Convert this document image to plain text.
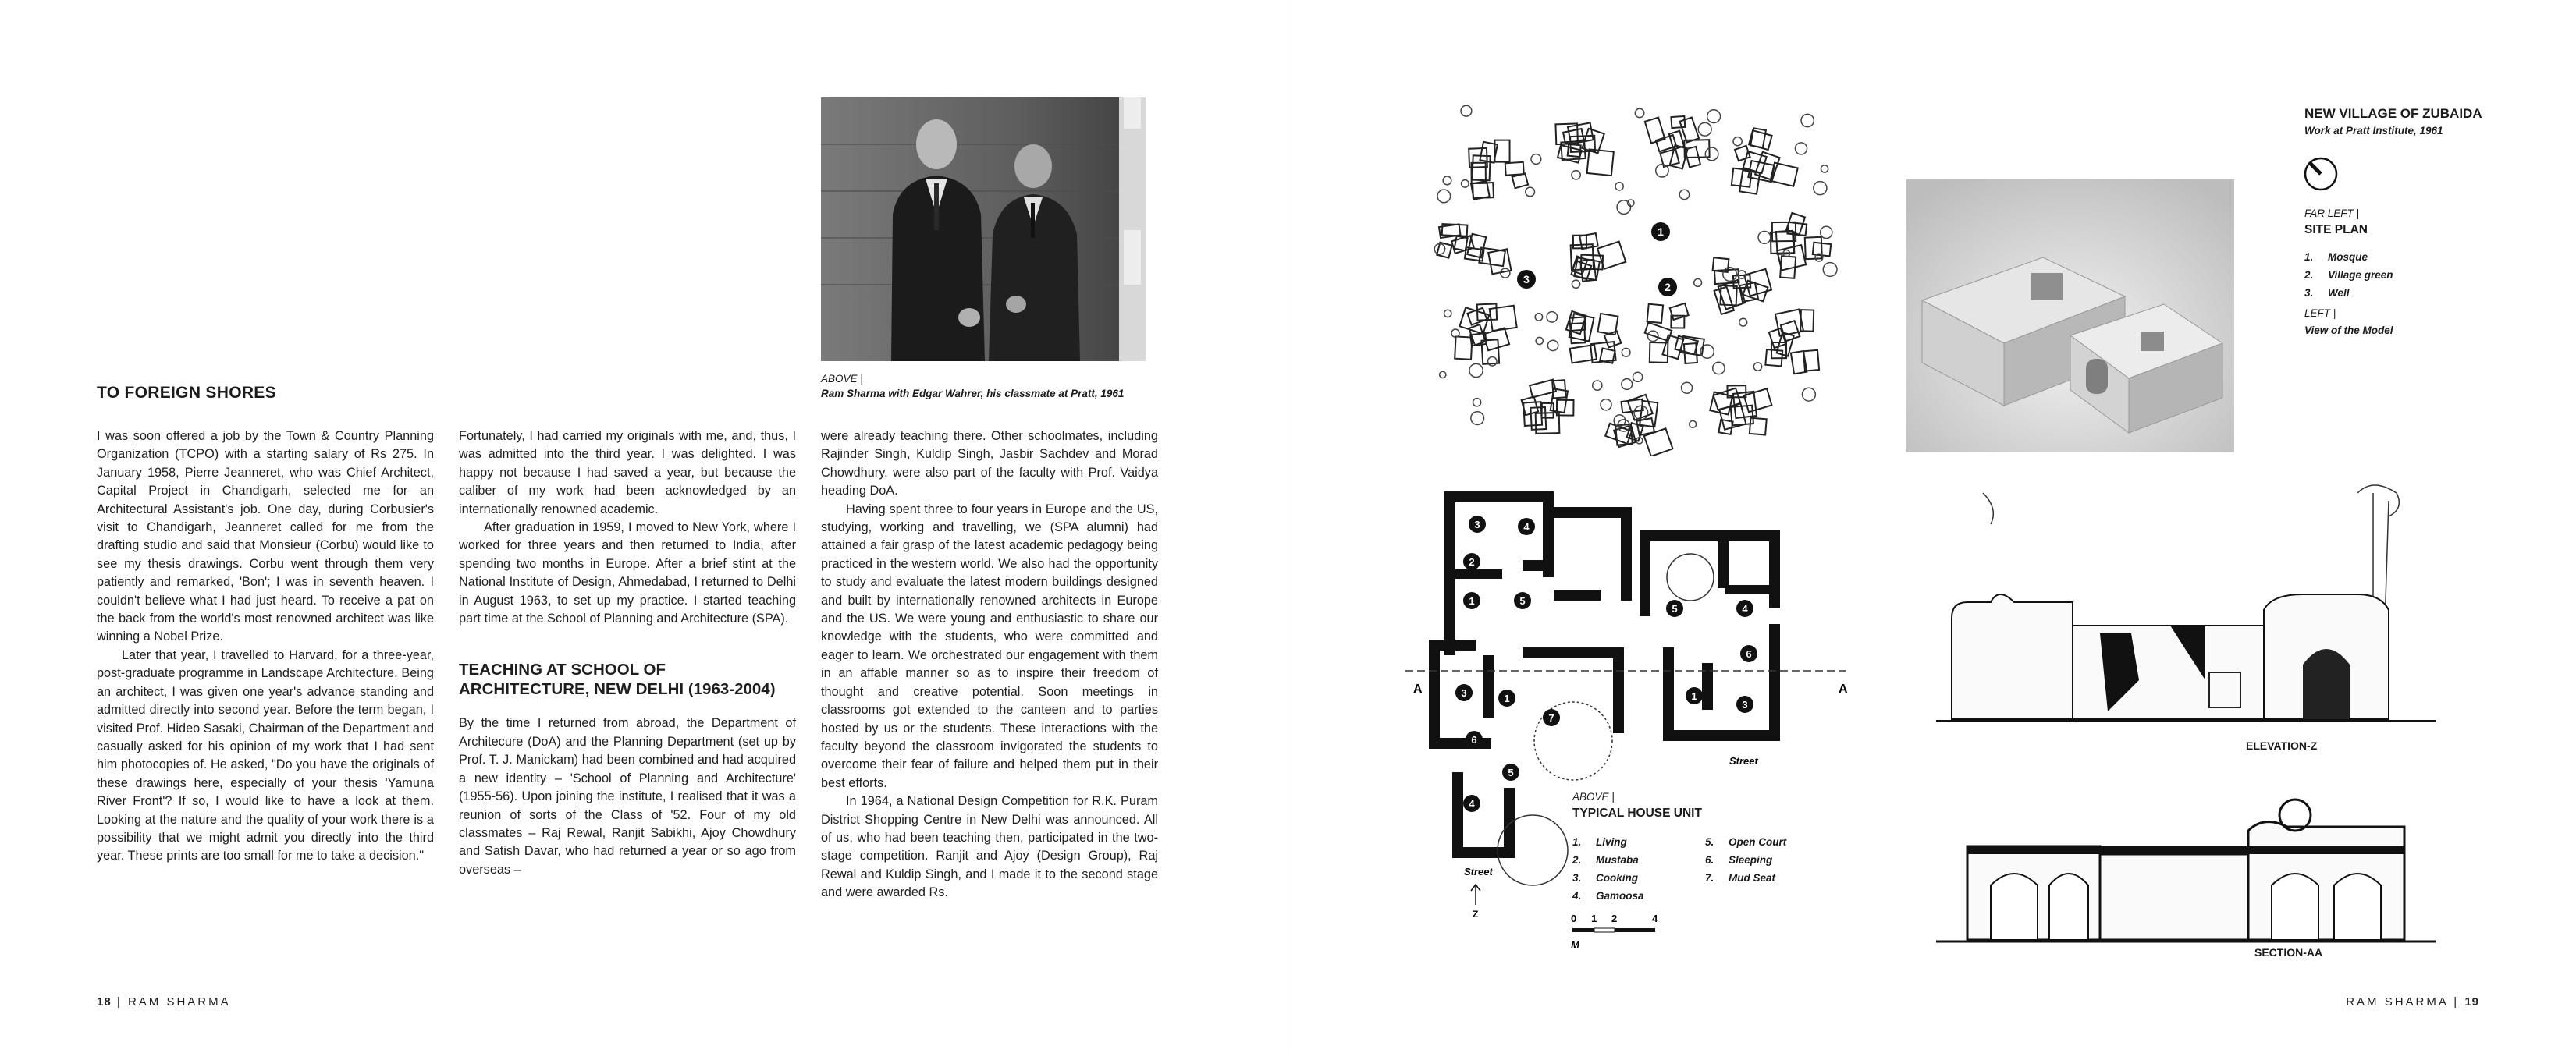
ABOVE |
Ram Sharma with Edgar Wahrer, his classmate at Pratt, 1961
TO FOREIGN SHORES

I was soon offered a job by the Town & Country Planning Organization (TCPO) with a starting salary of Rs 275. In January 1958, Pierre Jeanneret, who was Chief Architect, Capital Project in Chandigarh, selected me for an Architectural Assistant's job. One day, during Corbusier's visit to Chandigarh, Jeanneret called for me from the drafting studio and said that Monsieur (Corbu) would like to see my thesis drawings. Corbu went through them very patiently and remarked, 'Bon'; I was in seventh heaven. I couldn't believe what I had just heard. To receive a pat on the back from the world's most renowned architect was like winning a Nobel Prize.

Later that year, I travelled to Harvard, for a three-year, post-graduate programme in Landscape Architecture. Being an architect, I was given one year's advance standing and admitted directly into second year. Before the term began, I visited Prof. Hideo Sasaki, Chairman of the Department and casually asked for his opinion of my work that I had sent him photocopies of. He asked, "Do you have the originals of these drawings here, especially of your thesis 'Yamuna River Front'? If so, I would like to have a look at them. Looking at the nature and the quality of your work there is a possibility that we might admit you directly into the third year. These prints are too small for me to take a decision."

Fortunately, I had carried my originals with me, and, thus, I was admitted into the third year. I was delighted. I was happy not because I had saved a year, but because the caliber of my work had been acknowledged by an internationally renowned academic.

After graduation in 1959, I moved to New York, where I worked for three years and then returned to India, after spending two months in Europe. After a brief stint at the National Institute of Design, Ahmedabad, I returned to Delhi in August 1963, to set up my practice. I started teaching part time at the School of Planning and Architecture (SPA).

TEACHING AT SCHOOL OF ARCHITECTURE, NEW DELHI (1963-2004)

By the time I returned from abroad, the Department of Architecure (DoA) and the Planning Department (set up by Prof. T. J. Manickam) had been combined and had acquired a new identity – 'School of Planning and Architecture' (1955-56). Upon joining the institute, I realised that it was a reunion of sorts of the Class of '52. Four of my old classmates – Raj Rewal, Ranjit Sabikhi, Ajoy Chowdhury and Satish Davar, who had returned a year or so ago from overseas –

were already teaching there. Other schoolmates, including Rajinder Singh, Kuldip Singh, Jasbir Sachdev and Morad Chowdhury, were also part of the faculty with Prof. Vaidya heading DoA.

Having spent three to four years in Europe and the US, studying, working and travelling, we (SPA alumni) had attained a fair grasp of the latest academic pedagogy being practiced in the western world. We also had the opportunity to study and evaluate the latest modern buildings designed and built by internationally renowned architects in Europe and the US. We were young and enthusiastic to share our knowledge with the students, who were committed and eager to learn. We orchestrated our engagement with them in an affable manner so as to inspire their freedom of thought and creative potential. Soon meetings in classrooms got extended to the canteen and to parties hosted by us or the students. These interactions with the faculty beyond the classroom invigorated the students to overcome their fear of failure and helped them put in their best efforts.

In 1964, a National Design Competition for R.K. Puram District Shopping Centre in New Delhi was announced. All of us, who had been teaching then, participated in the two-stage competition. Ranjit and Ajoy (Design Group), Raj Rewal and Kuldip Singh, and I made it to the second stage and were awarded Rs.

18 | RAM SHARMA
1
2
3
NEW VILLAGE OF ZUBAIDA
Work at Pratt Institute, 1961
FAR LEFT |
SITE PLAN
1.	Mosque
2.	Village green
3.	Well
LEFT |
View of the Model
3	4
2
1	5
5	4
6
3	1
7
1
3
6
5
4
A	A
Street
Street
Z
ABOVE |
TYPICAL HOUSE UNIT
1.	Living
2.	Mustaba
3.	Cooking
4.	Gamoosa
5.	Open Court
6.	Sleeping
7.	Mud Seat
0 1 2	4
M
ELEVATION-Z
SECTION-AA
RAM SHARMA | 19
